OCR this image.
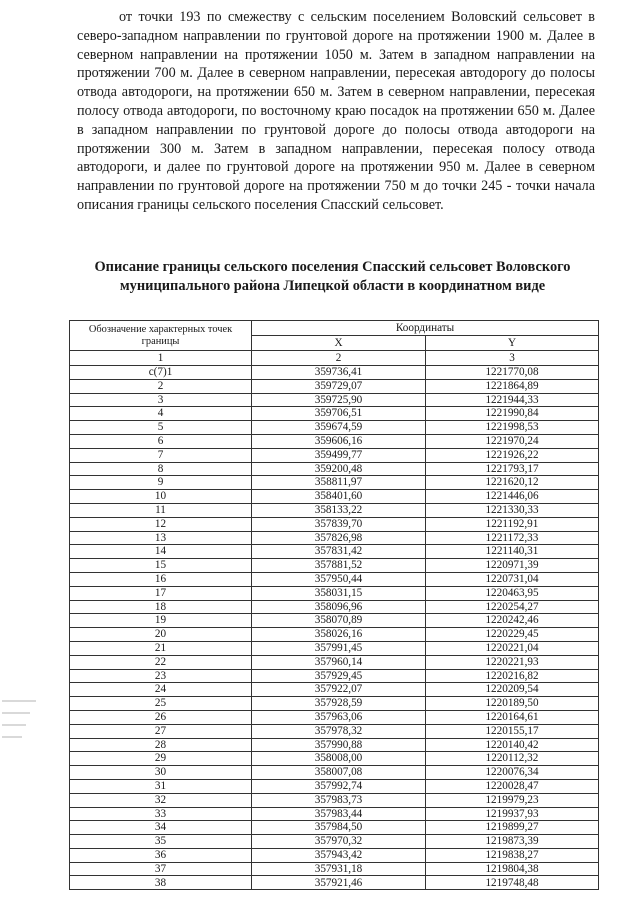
от точки 193 по смежеству с сельским поселением Воловский сельсовет в северо-западном направлении по грунтовой дороге на протяжении 1900 м. Далее в северном направлении на протяжении 1050 м. Затем в западном направлении на протяжении 700 м. Далее в северном направлении, пересекая автодорогу до полосы отвода автодороги, на протяжении 650 м. Затем в северном направлении, пересекая полосу отвода автодороги, по восточному краю посадок на протяжении 650 м. Далее в западном направлении по грунтовой дороге до полосы отвода автодороги на протяжении 300 м. Затем в западном направлении, пересекая полосу отвода автодороги, и далее по грунтовой дороге на протяжении 950 м. Далее в северном направлении по грунтовой дороге на протяжении 750 м до точки 245 - точки начала описания границы сельского поселения Спасский сельсовет.

Описание границы сельского поселения Спасский сельсовет Воловского муниципального района Липецкой области в координатном виде

Обозначение характерных точек границы	Координаты	
	X	Y
1	2	3
с(7)1	359736,41	1221770,08
2	359729,07	1221864,89
3	359725,90	1221944,33
4	359706,51	1221990,84
5	359674,59	1221998,53
6	359606,16	1221970,24
7	359499,77	1221926,22
8	359200,48	1221793,17
9	358811,97	1221620,12
10	358401,60	1221446,06
11	358133,22	1221330,33
12	357839,70	1221192,91
13	357826,98	1221172,33
14	357831,42	1221140,31
15	357881,52	1220971,39
16	357950,44	1220731,04
17	358031,15	1220463,95
18	358096,96	1220254,27
19	358070,89	1220242,46
20	358026,16	1220229,45
21	357991,45	1220221,04
22	357960,14	1220221,93
23	357929,45	1220216,82
24	357922,07	1220209,54
25	357928,59	1220189,50
26	357963,06	1220164,61
27	357978,32	1220155,17
28	357990,88	1220140,42
29	358008,00	1220112,32
30	358007,08	1220076,34
31	357992,74	1220028,47
32	357983,73	1219979,23
33	357983,44	1219937,93
34	357984,50	1219899,27
35	357970,32	1219873,39
36	357943,42	1219838,27
37	357931,18	1219804,38
38	357921,46	1219748,48
